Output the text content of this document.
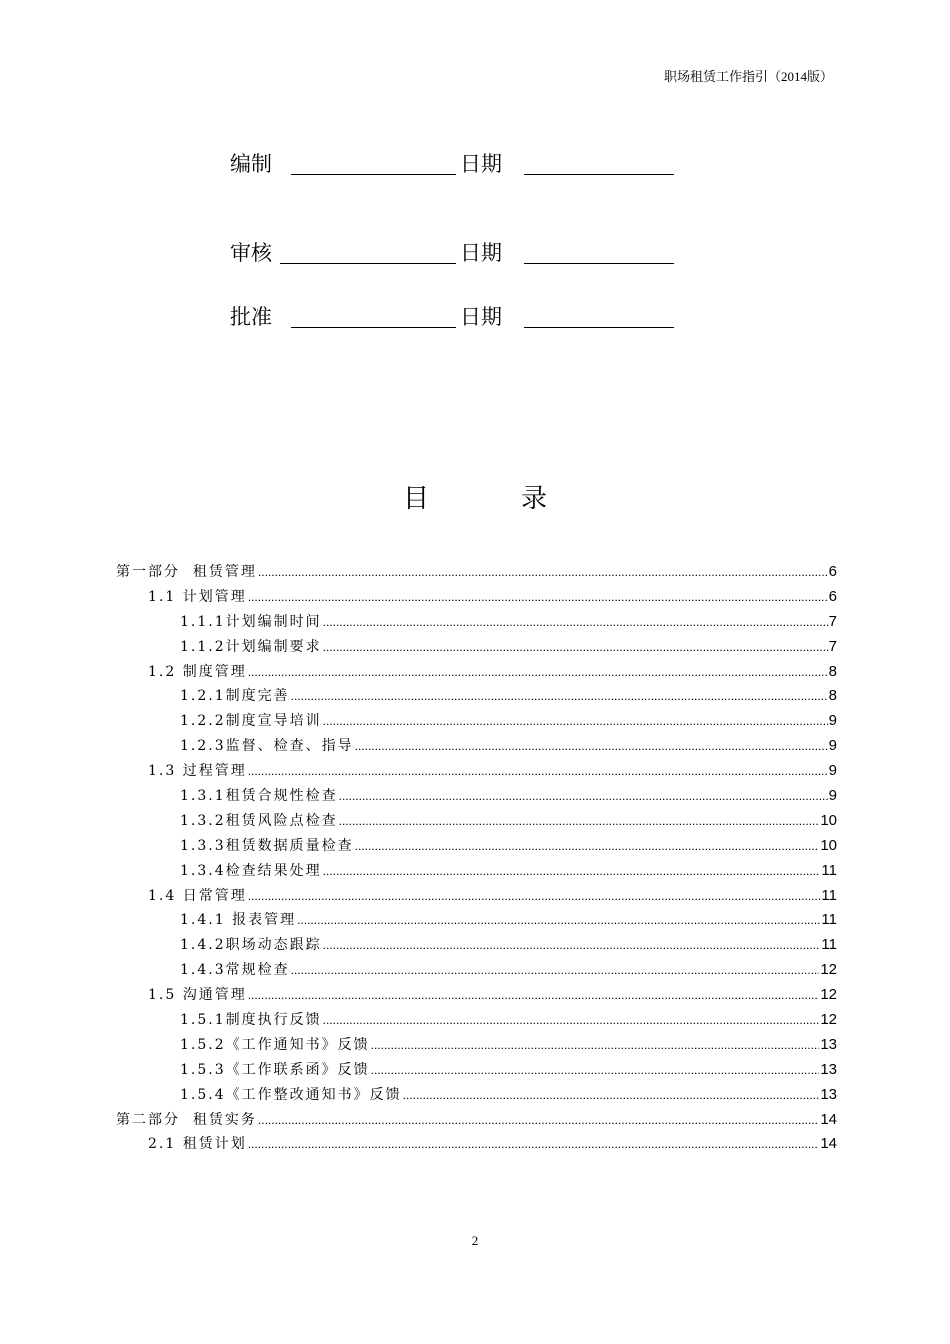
职场租赁工作指引（2014版）
编制	日期
审核	日期
批准	日期
目	录
第一部分  租赁管理 .....	6
1.1 计划管理 .....	6
1.1.1计划编制时间 .....	7
1.1.2计划编制要求 .....	7
1.2 制度管理 .....	8
1.2.1制度完善 .....	8
1.2.2制度宣导培训 .....	9
1.2.3监督、检查、指导 .....	9
1.3 过程管理 .....	9
1.3.1租赁合规性检查 .....	9
1.3.2租赁风险点检查 .....	10
1.3.3租赁数据质量检查 .....	10
1.3.4检查结果处理 .....	11
1.4 日常管理 .....	11
1.4.1 报表管理 .....	11
1.4.2职场动态跟踪 .....	11
1.4.3常规检查 .....	12
1.5 沟通管理 .....	12
1.5.1制度执行反馈 .....	12
1.5.2《工作通知书》反馈 .....	13
1.5.3《工作联系函》反馈 .....	13
1.5.4《工作整改通知书》反馈 .....	13
第二部分  租赁实务 .....	14
2.1 租赁计划 .....	14
2
